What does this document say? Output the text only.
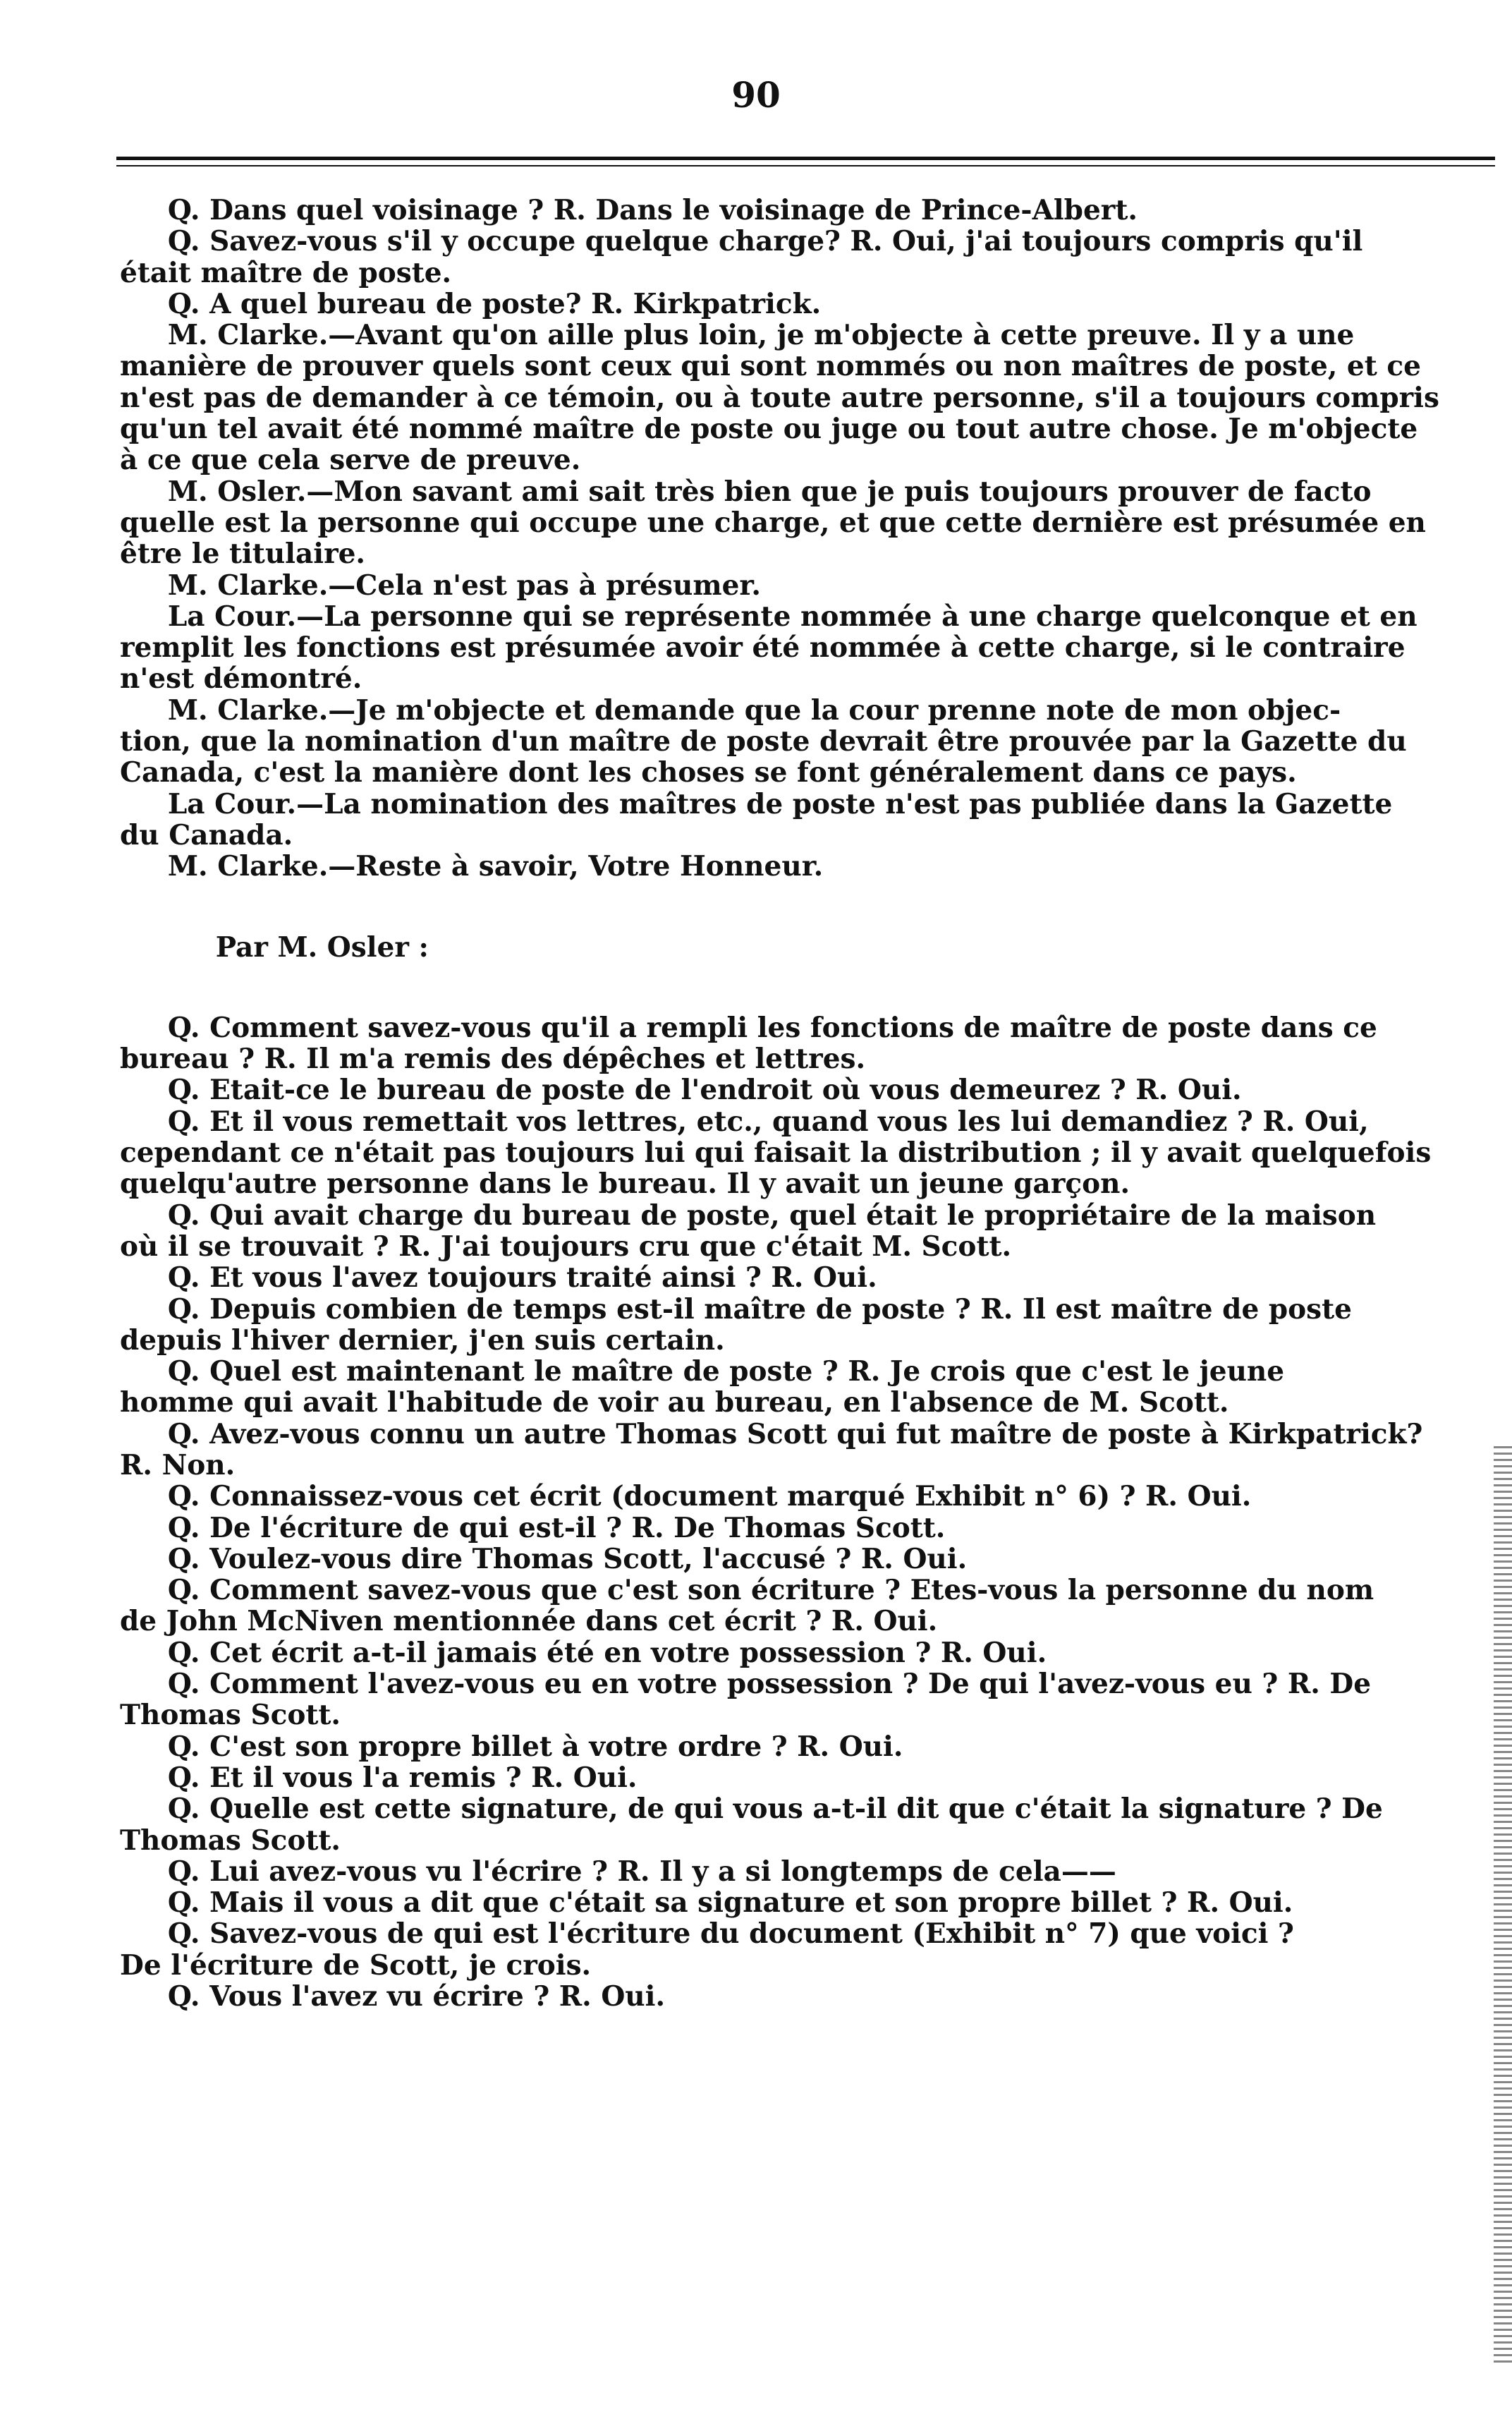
90
Q. Dans quel voisinage ? R. Dans le voisinage de Prince-Albert.
Q. Savez-vous s'il y occupe quelque charge? R. Oui, j'ai toujours compris qu'il
était maître de poste.
Q. A quel bureau de poste? R. Kirkpatrick.
M. Clarke.—Avant qu'on aille plus loin, je m'objecte à cette preuve. Il y a une
manière de prouver quels sont ceux qui sont nommés ou non maîtres de poste, et ce
n'est pas de demander à ce témoin, ou à toute autre personne, s'il a toujours compris
qu'un tel avait été nommé maître de poste ou juge ou tout autre chose. Je m'objecte
à ce que cela serve de preuve.
M. Osler.—Mon savant ami sait très bien que je puis toujours prouver de facto
quelle est la personne qui occupe une charge, et que cette dernière est présumée en
être le titulaire.
M. Clarke.—Cela n'est pas à présumer.
La Cour.—La personne qui se représente nommée à une charge quelconque et en
remplit les fonctions est présumée avoir été nommée à cette charge, si le contraire
n'est démontré.
M. Clarke.—Je m'objecte et demande que la cour prenne note de mon objec-
tion, que la nomination d'un maître de poste devrait être prouvée par la Gazette du
Canada, c'est la manière dont les choses se font généralement dans ce pays.
La Cour.—La nomination des maîtres de poste n'est pas publiée dans la Gazette
du Canada.
M. Clarke.—Reste à savoir, Votre Honneur.
Par M. Osler :
Q. Comment savez-vous qu'il a rempli les fonctions de maître de poste dans ce
bureau ? R. Il m'a remis des dépêches et lettres.
Q. Etait-ce le bureau de poste de l'endroit où vous demeurez ? R. Oui.
Q. Et il vous remettait vos lettres, etc., quand vous les lui demandiez ? R. Oui,
cependant ce n'était pas toujours lui qui faisait la distribution ; il y avait quelquefois
quelqu'autre personne dans le bureau. Il y avait un jeune garçon.
Q. Qui avait charge du bureau de poste, quel était le propriétaire de la maison
où il se trouvait ? R. J'ai toujours cru que c'était M. Scott.
Q. Et vous l'avez toujours traité ainsi ? R. Oui.
Q. Depuis combien de temps est-il maître de poste ? R. Il est maître de poste
depuis l'hiver dernier, j'en suis certain.
Q. Quel est maintenant le maître de poste ? R. Je crois que c'est le jeune
homme qui avait l'habitude de voir au bureau, en l'absence de M. Scott.
Q. Avez-vous connu un autre Thomas Scott qui fut maître de poste à Kirkpatrick?
R. Non.
Q. Connaissez-vous cet écrit (document marqué Exhibit n° 6) ? R. Oui.
Q. De l'écriture de qui est-il ? R. De Thomas Scott.
Q. Voulez-vous dire Thomas Scott, l'accusé ? R. Oui.
Q. Comment savez-vous que c'est son écriture ? Etes-vous la personne du nom
de John McNiven mentionnée dans cet écrit ? R. Oui.
Q. Cet écrit a-t-il jamais été en votre possession ? R. Oui.
Q. Comment l'avez-vous eu en votre possession ? De qui l'avez-vous eu ? R. De
Thomas Scott.
Q. C'est son propre billet à votre ordre ? R. Oui.
Q. Et il vous l'a remis ? R. Oui.
Q. Quelle est cette signature, de qui vous a-t-il dit que c'était la signature ? De
Thomas Scott.
Q. Lui avez-vous vu l'écrire ? R. Il y a si longtemps de cela——
Q. Mais il vous a dit que c'était sa signature et son propre billet ? R. Oui.
Q. Savez-vous de qui est l'écriture du document (Exhibit n° 7) que voici ?
De l'écriture de Scott, je crois.
Q. Vous l'avez vu écrire ? R. Oui.
